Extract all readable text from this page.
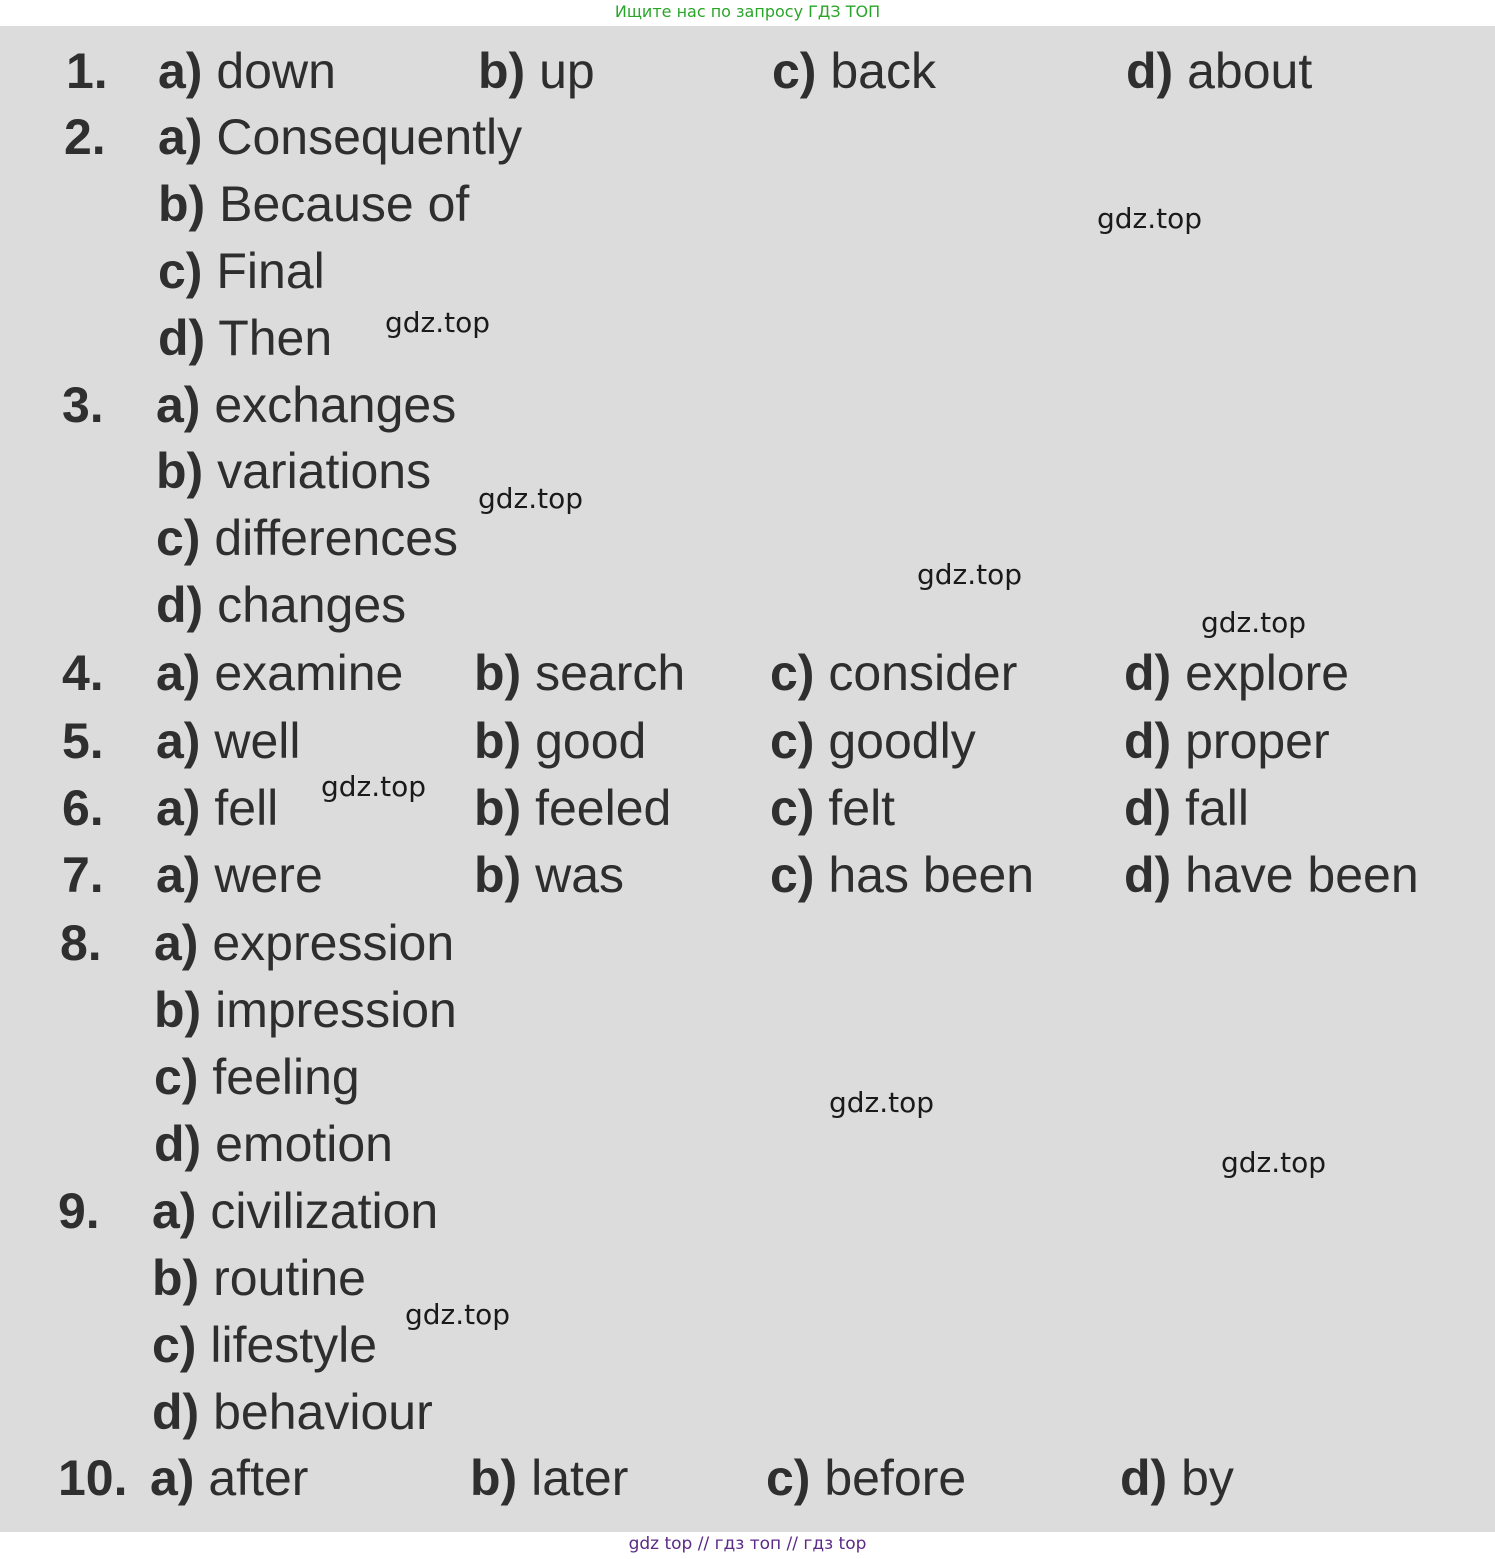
Ищите нас по запросу ГДЗ ТОП
1. a) down	b) up	c) back	d) about
2. a) Consequently
b) Because of
c) Final
d) Then
3. a) exchanges
b) variations
c) differences
d) changes
4. a) examine b) search c) consider d) explore
5. a) well	b) good c) goodly	d) proper
6. a) fell	b) feeled c) felt	d) fall
7. a) were	b) was	c) has been d) have been
8. a) expression
b) impression
c) feeling
d) emotion
9. a) civilization
b) routine
c) lifestyle
d) behaviour
10. a) after	b) later	c) before	d) by
gdz.top
gdz.top
gdz.top
gdz.top
gdz.top
gdz.top
gdz.top
gdz.top
gdz.top
gdz top // гдз топ // гдз top
